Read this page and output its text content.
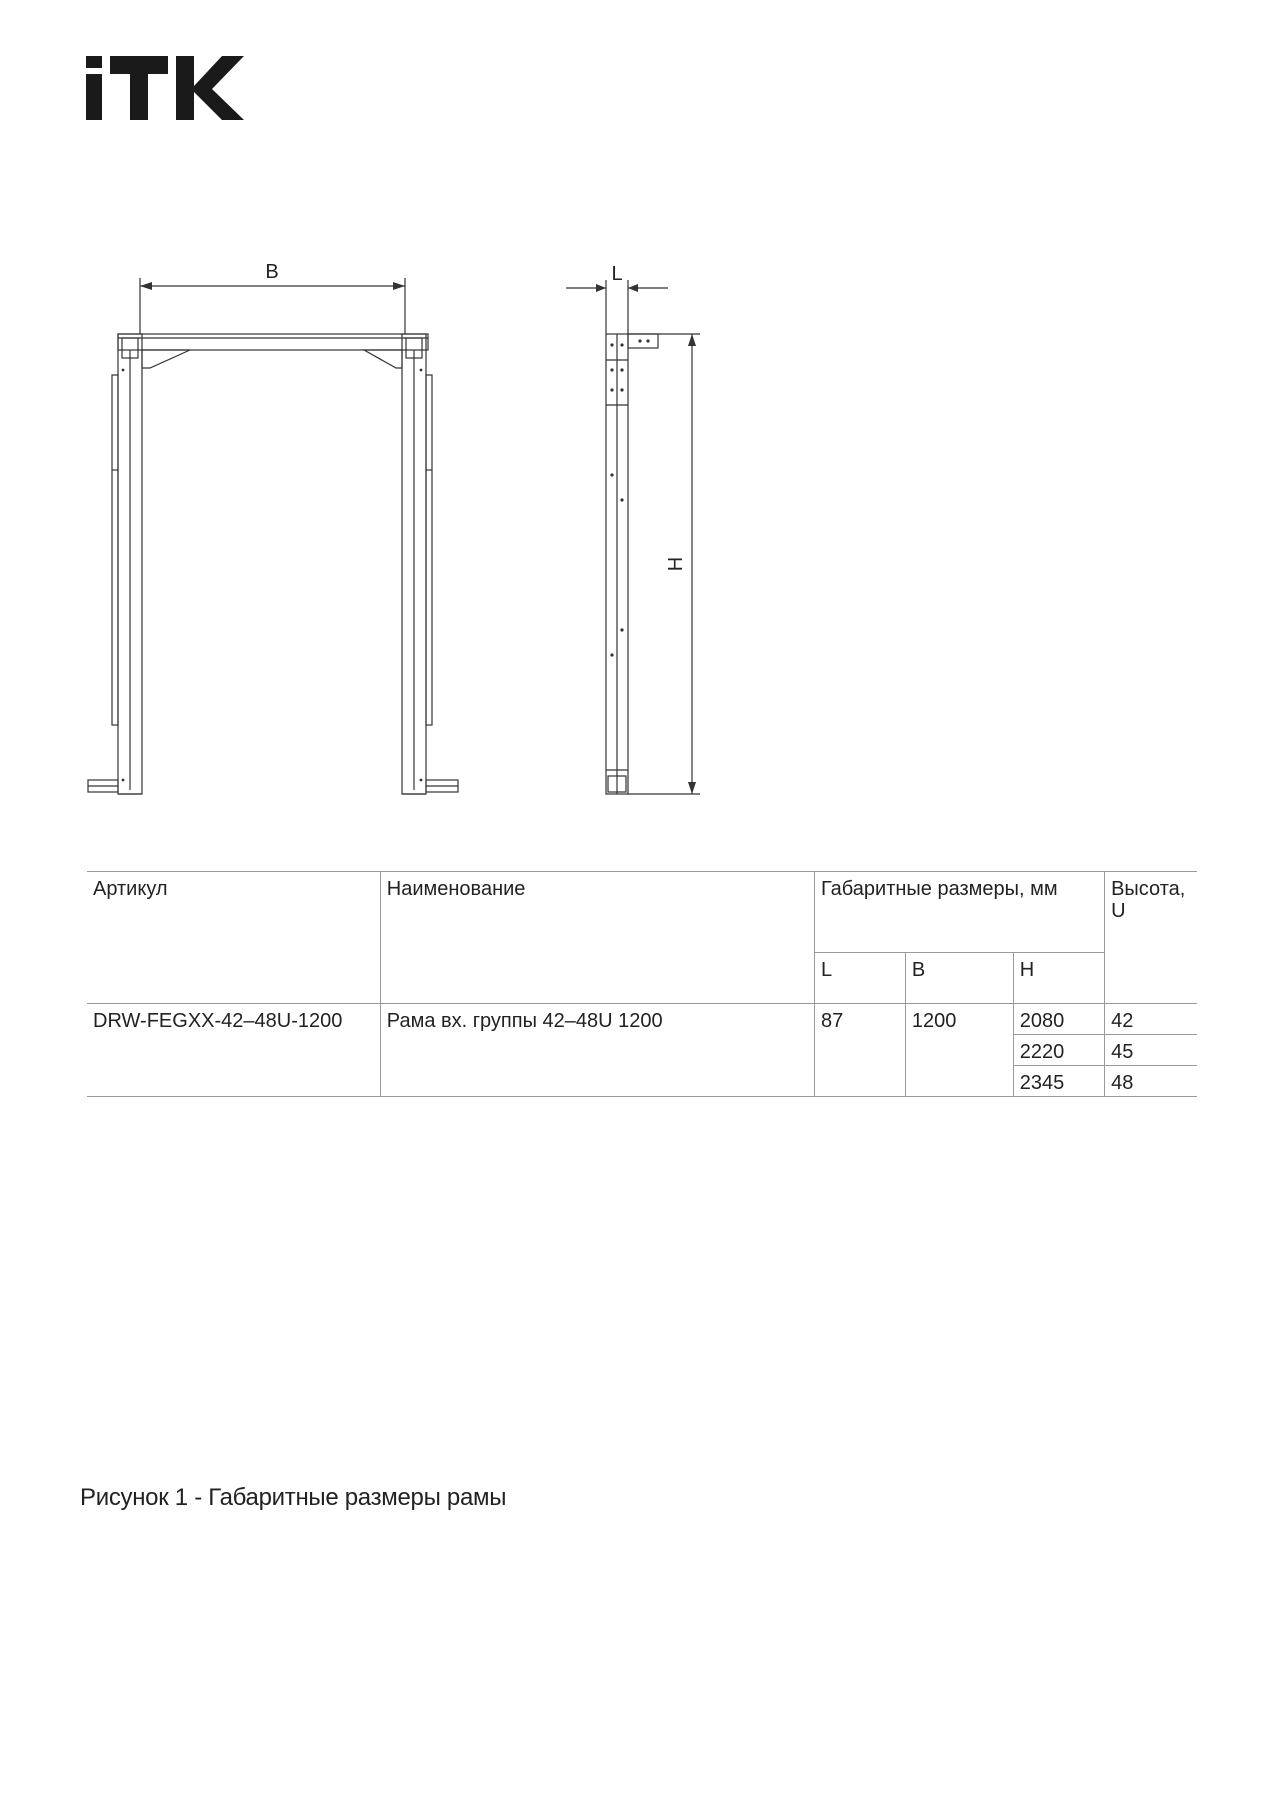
B	L
H
Артикул	Наименование	Габаритные размеры, мм			Высота, U
		L	B	H	
DRW-FEGXX-42–48U-1200	Рама вх. группы 42–48U 1200	87	1200	2080	42
				2220	45
				2345	48
Рисунок 1 - Габаритные размеры рамы
